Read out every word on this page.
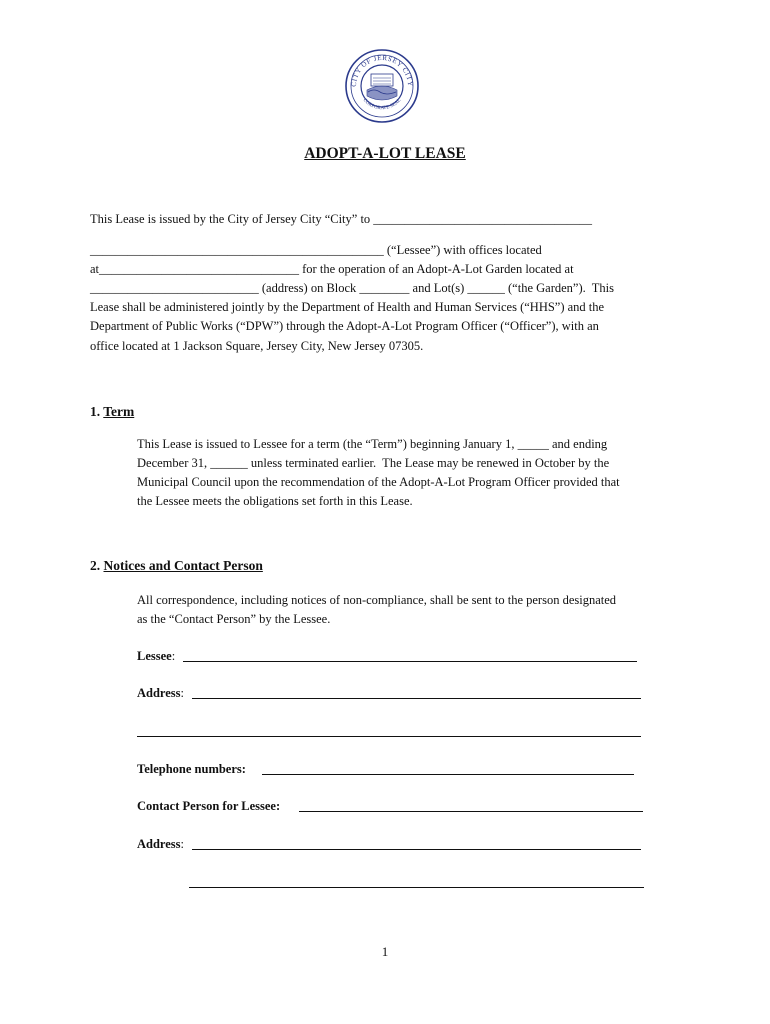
CITY OF JERSEY CITY
CORPORATE SEAL
ADOPT-A-LOT LEASE
This Lease is issued by the City of Jersey City “City” to ___________________________________
_______________________________________________ (“Lessee”) with offices located
at________________________________ for the operation of an Adopt-A-Lot Garden located at
___________________________ (address) on Block ________ and Lot(s) ______ (“the Garden”).  This
Lease shall be administered jointly by the Department of Health and Human Services (“HHS”) and the
Department of Public Works (“DPW”) through the Adopt-A-Lot Program Officer (“Officer”), with an
office located at 1 Jackson Square, Jersey City, New Jersey 07305.
1. Term
This Lease is issued to Lessee for a term (the “Term”) beginning January 1, _____ and ending
December 31, ______ unless terminated earlier.  The Lease may be renewed in October by the
Municipal Council upon the recommendation of the Adopt-A-Lot Program Officer provided that
the Lessee meets the obligations set forth in this Lease.
2. Notices and Contact Person
All correspondence, including notices of non-compliance, shall be sent to the person designated
as the “Contact Person” by the Lessee.
Lessee:
Address:
Telephone numbers:
Contact Person for Lessee:
Address:
1
